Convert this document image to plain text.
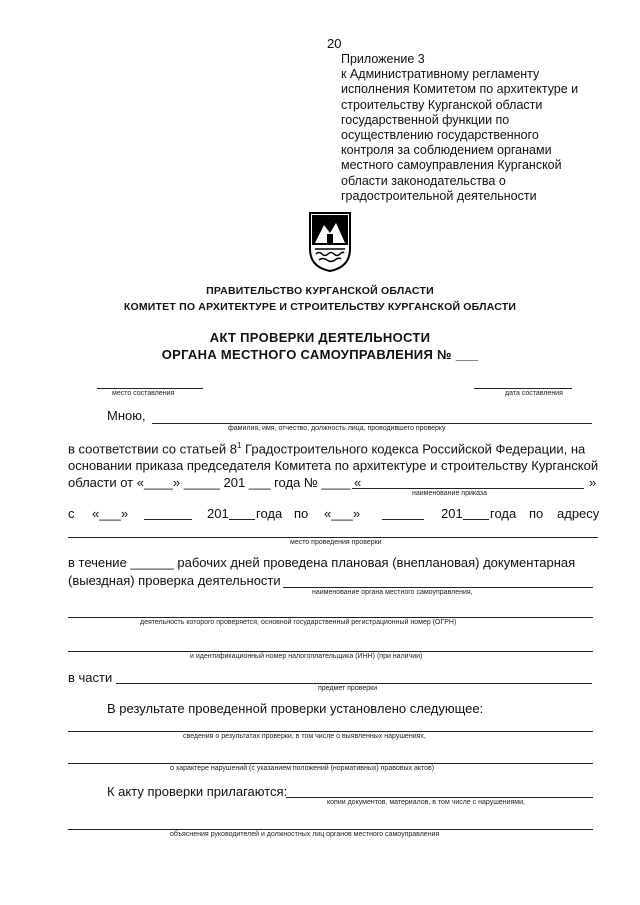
20
Приложение 3
к Административному регламенту
исполнения Комитетом по архитектуре и
строительству Курганской области
государственной функции по
осуществлению государственного
контроля за соблюдением органами
местного самоуправления Курганской
области законодательства о
градостроительной деятельности
ПРАВИТЕЛЬСТВО КУРГАНСКОЙ ОБЛАСТИ
КОМИТЕТ ПО АРХИТЕКТУРЕ И СТРОИТЕЛЬСТВУ КУРГАНСКОЙ ОБЛАСТИ
АКТ ПРОВЕРКИ ДЕЯТЕЛЬНОСТИ
ОРГАНА МЕСТНОГО САМОУПРАВЛЕНИЯ № ___
место составления	дата составления
Мною,
фамилия, имя, отчество, должность лица, проводившего проверку
в соответствии со статьей $8^1$ Градостроительного кодекса Российской Федерации, на
основании приказа председателя Комитета по архитектуре и строительству Курганской
области от «____» _____ 201 ___ года № ____ «	»
наименование приказа
с «___»	201 года по «___»	201 года по адресу
место проведения проверки
в течение ______ рабочих дней проведена плановая (внеплановая) документарная
(выездная) проверка деятельности
наименование органа местного самоуправления,
деятельность которого проверяется, основной государственный регистрационный номер (ОГРН)
и идентификационный номер налогоплательщика (ИНН) (при наличии)
в части
предмет проверки
В результате проведенной проверки установлено следующее:
сведения о результатах проверки, в том числе о выявленных нарушениях,
о характере нарушений (с указанием положений (нормативных) правовых актов)
К акту проверки прилагаются:
копии документов, материалов, в том числе с нарушениями,
объяснения руководителей и должностных лиц органов местного самоуправления
